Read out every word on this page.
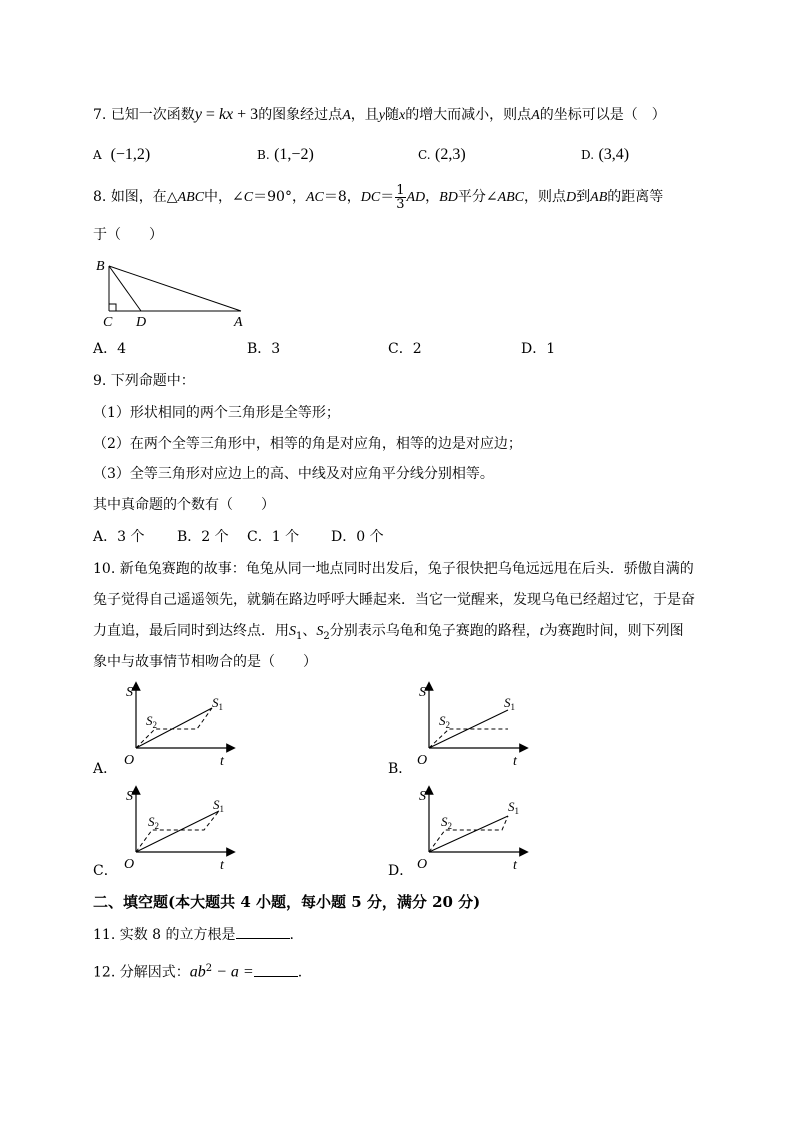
7. 已知一次函数y = kx + 3的图象经过点A，且y随x的增大而减小，则点A的坐标可以是（　）
A (−1,2)	B. (1,−2)	C. (2,3)	D. (3,4)
8. 如图，在△ABC中，∠C＝90°，AC＝8，$DC= \frac{1}{3}$ AD，BD平分∠ABC，则点D到AB的距离等
于（　　）
B
C D	A
A．4	B．3	C．2	D．1
9. 下列命题中：
（1）形状相同的两个三角形是全等形；
（2）在两个全等三角形中，相等的角是对应角，相等的边是对应边；
（3）全等三角形对应边上的高、中线及对应角平分线分别相等。
其中真命题的个数有（　　）
A．3 个 B．2 个 C．1 个 D．0 个
10. 新龟兔赛跑的故事：龟兔从同一地点同时出发后，兔子很快把乌龟远远甩在后头．骄傲自满的
兔子觉得自己遥遥领先，就躺在路边呼呼大睡起来．当它一觉醒来，发现乌龟已经超过它，于是奋
力直追，最后同时到达终点．用$S_1$、$S_2$分别表示乌龟和兔子赛跑的路程，t为赛跑时间，则下列图
象中与故事情节相吻合的是（　　）
A．
S
t
O
$S_1$
$S_2$
B．
S
t
O
$S_1$
$S_2$
C．
S
t
O
$S_1$
$S_2$
D．
S
t
O
$S_1$
$S_2$
二、填空题(本大题共 4 小题，每小题 5 分，满分 20 分)
11. 实数 8 的立方根是	.
12. 分解因式：$ab^2 - a$ =	.
